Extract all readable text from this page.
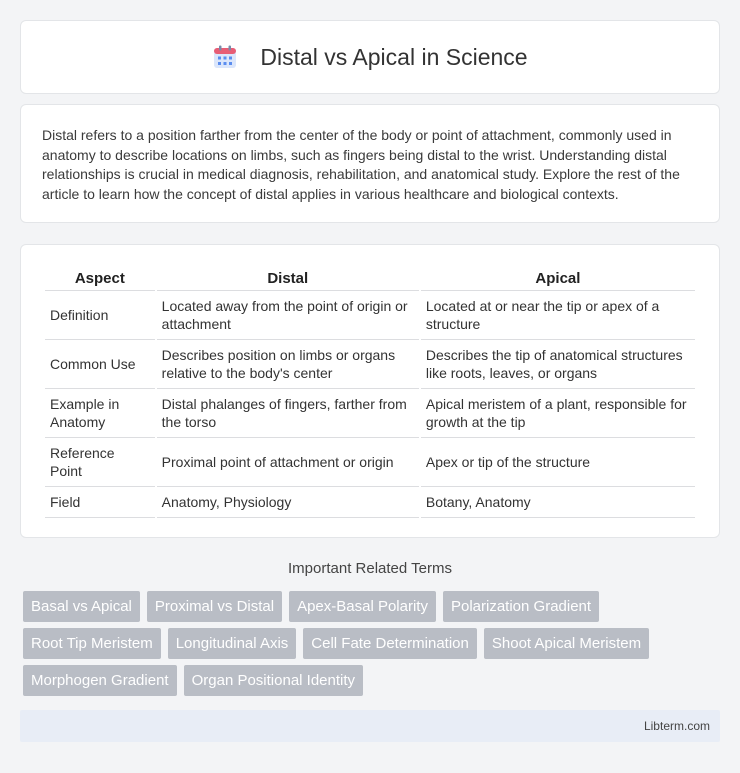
Distal vs Apical in Science

Distal refers to a position farther from the center of the body or point of attachment, commonly used in anatomy to describe locations on limbs, such as fingers being distal to the wrist. Understanding distal relationships is crucial in medical diagnosis, rehabilitation, and anatomical study. Explore the rest of the article to learn how the concept of distal applies in various healthcare and biological contexts.

Aspect	Distal	Apical
Definition	Located away from the point of origin or attachment	Located at or near the tip or apex of a structure
Common Use	Describes position on limbs or organs relative to the body's center	Describes the tip of anatomical structures like roots, leaves, or organs
Example in Anatomy	Distal phalanges of fingers, farther from the torso	Apical meristem of a plant, responsible for growth at the tip
Reference Point	Proximal point of attachment or origin	Apex or tip of the structure
Field	Anatomy, Physiology	Botany, Anatomy
Important Related Terms
Basal vs Apical	Proximal vs Distal	Apex-Basal Polarity	Polarization Gradient
Root Tip Meristem	Longitudinal Axis	Cell Fate Determination	Shoot Apical Meristem
Morphogen Gradient	Organ Positional Identity
Libterm.com
